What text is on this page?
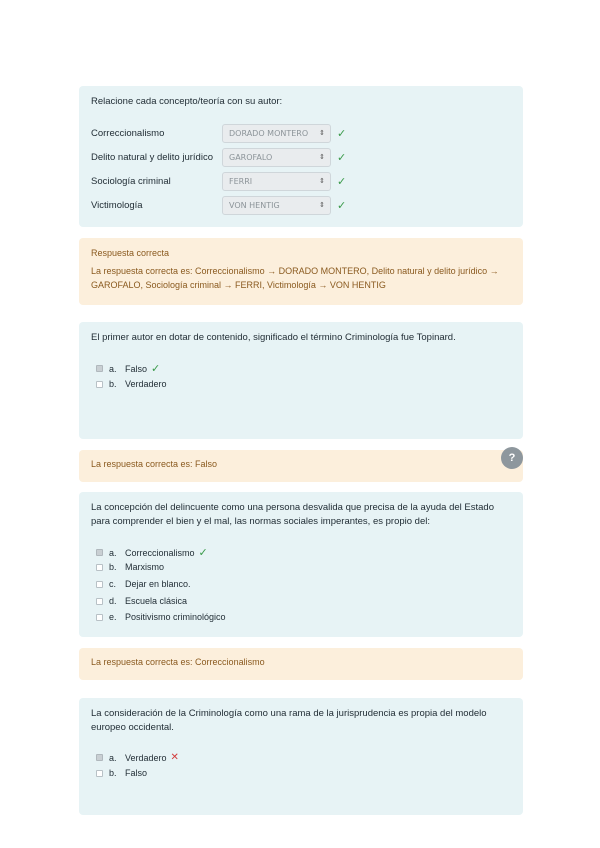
Relacione cada concepto/teoría con su autor:
Correccionalismo	DORADO MONTERO ⇕ ✓
Delito natural y delito jurídico	GAROFALO	⇕ ✓
Sociología criminal	FERRI	⇕ ✓
Victimología	VON HENTIG	⇕ ✓
Respuesta correcta
La respuesta correcta es: Correccionalismo → DORADO MONTERO, Delito natural y delito jurídico → GAROFALO, Sociología criminal → FERRI, Victimología → VON HENTIG
El primer autor en dotar de contenido, significado el término Criminología fue Topinard.
a. Falso ✓
b. Verdadero
La respuesta correcta es: Falso	?
La concepción del delincuente como una persona desvalida que precisa de la ayuda del Estado para comprender el bien y el mal, las normas sociales imperantes, es propio del:
a. Correccionalismo ✓
b. Marxismo
c. Dejar en blanco.
d. Escuela clásica
e. Positivismo criminológico
La respuesta correcta es: Correccionalismo
La consideración de la Criminología como una rama de la jurisprudencia es propia del modelo europeo occidental.
a. Verdadero ✕
b. Falso
